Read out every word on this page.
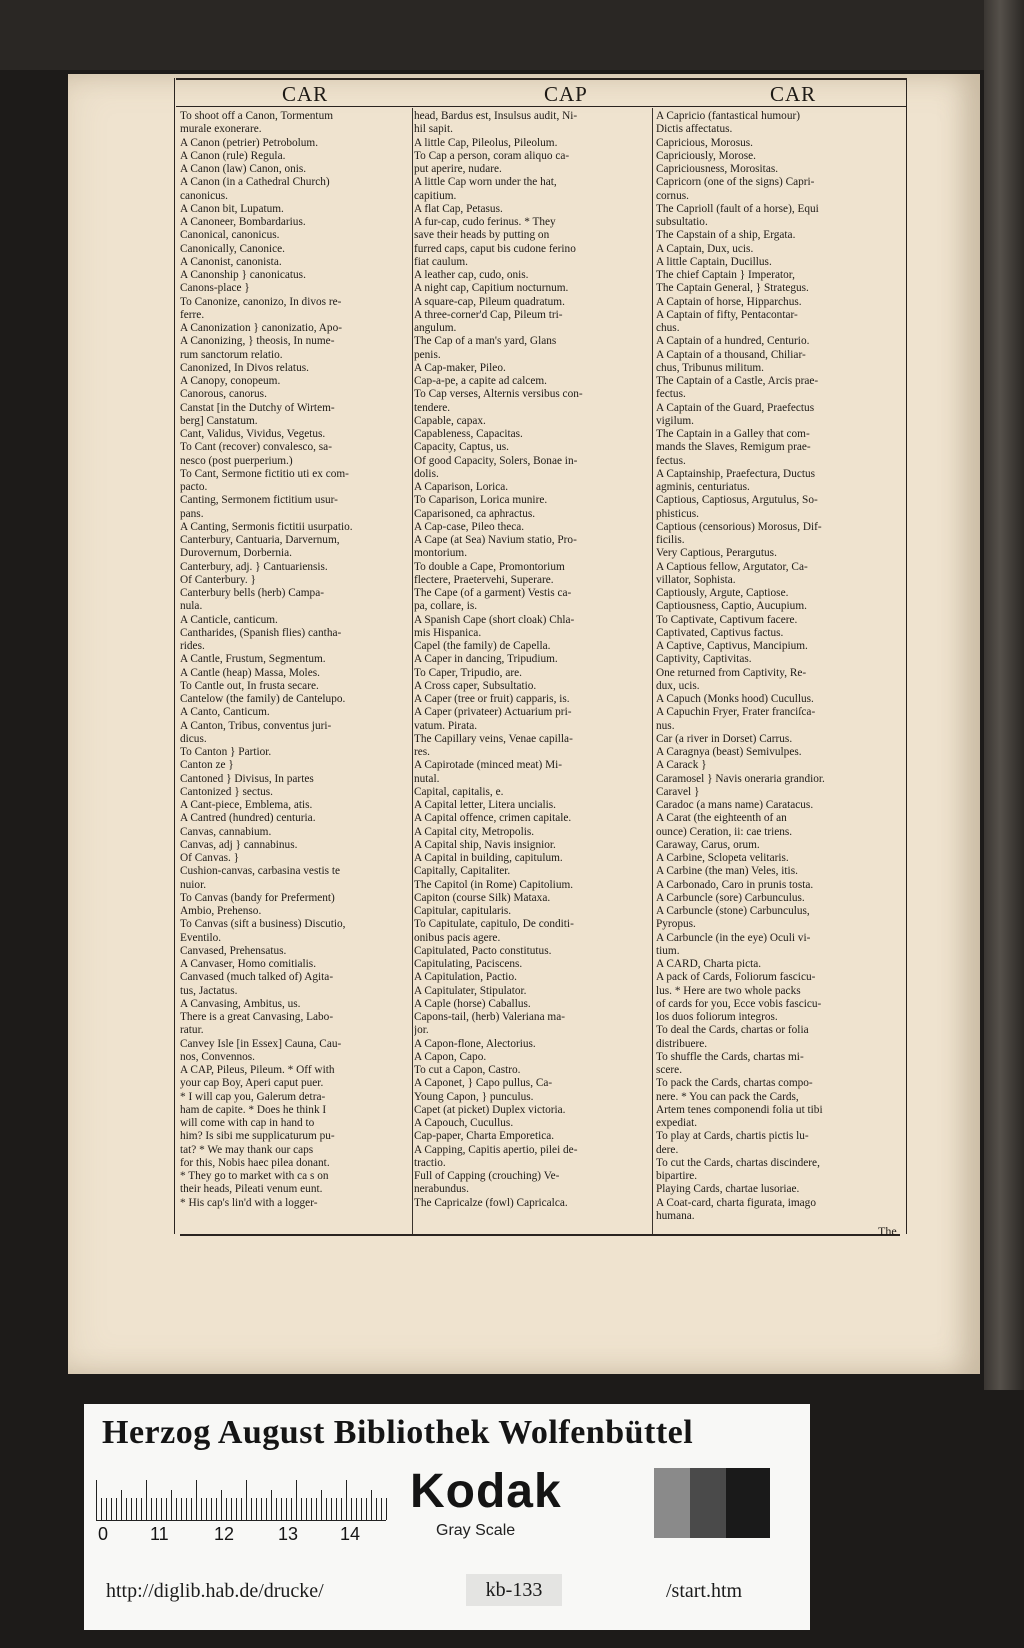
CAR	CAP	CAR

To shoot off a Canon, Tormentum

murale exonerare.

A Canon (petrier) Petrobolum.

A Canon (rule) Regula.

A Canon (law) Canon, onis.

A Canon (in a Cathedral Church)

canonicus.

A Canon bit, Lupatum.

A Canoneer, Bombardarius.

Canonical, canonicus.

Canonically, Canonice.

A Canonist, canonista.

A Canonship } canonicatus.

Canons-place }

To Canonize, canonizo, In divos re-

ferre.

A Canonization } canonizatio, Apo-

A Canonizing, } theosis, In nume-

rum sanctorum relatio.

Canonized, In Divos relatus.

A Canopy, conopeum.

Canorous, canorus.

Canstat [in the Dutchy of Wirtem-

berg] Canstatum.

Cant, Validus, Vividus, Vegetus.

To Cant (recover) convalesco, sa-

nesco (post puerperium.)

To Cant, Sermone fictitio uti ex com-

pacto.

Canting, Sermonem fictitium usur-

pans.

A Canting, Sermonis fictitii usurpatio.

Canterbury, Cantuaria, Darvernum,

Durovernum, Dorbernia.

Canterbury, adj. } Cantuariensis.

Of Canterbury. }

Canterbury bells (herb) Campa-

nula.

A Canticle, canticum.

Cantharides, (Spanish flies) cantha-

rides.

A Cantle, Frustum, Segmentum.

A Cantle (heap) Massa, Moles.

To Cantle out, In frusta secare.

Cantelow (the family) de Cantelupo.

A Canto, Canticum.

A Canton, Tribus, conventus juri-

dicus.

To Canton } Partior.

Canton ze }

Cantoned } Divisus, In partes

Cantonized } sectus.

A Cant-piece, Emblema, atis.

A Cantred (hundred) centuria.

Canvas, cannabium.

Canvas, adj } cannabinus.

Of Canvas. }

Cushion-canvas, carbasina vestis te

nuior.

To Canvas (bandy for Preferment)

Ambio, Prehenso.

To Canvas (sift a business) Discutio,

Eventilo.

Canvased, Prehensatus.

A Canvaser, Homo comitialis.

Canvased (much talked of) Agita-

tus, Jactatus.

A Canvasing, Ambitus, us.

There is a great Canvasing, Labo-

ratur.

Canvey Isle [in Essex] Cauna, Cau-

nos, Convennos.

A CAP, Pileus, Pileum. * Off with

your cap Boy, Aperi caput puer.

* I will cap you, Galerum detra-

ham de capite. * Does he think I

will come with cap in hand to

him? Is sibi me supplicaturum pu-

tat? * We may thank our caps

for this, Nobis haec pilea donant.

* They go to market with ca s on

their heads, Pileati venum eunt.

* His cap's lin'd with a logger-

head, Bardus est, Insulsus audit, Ni-

hil sapit.

A little Cap, Pileolus, Pileolum.

To Cap a person, coram aliquo ca-

put aperire, nudare.

A little Cap worn under the hat,

capitium.

A flat Cap, Petasus.

A fur-cap, cudo ferinus. * They

save their heads by putting on

furred caps, caput bis cudone ferino

fiat caulum.

A leather cap, cudo, onis.

A night cap, Capitium nocturnum.

A square-cap, Pileum quadratum.

A three-corner'd Cap, Pileum tri-

angulum.

The Cap of a man's yard, Glans

penis.

A Cap-maker, Pileo.

Cap-a-pe, a capite ad calcem.

To Cap verses, Alternis versibus con-

tendere.

Capable, capax.

Capableness, Capacitas.

Capacity, Captus, us.

Of good Capacity, Solers, Bonae in-

dolis.

A Caparison, Lorica.

To Caparison, Lorica munire.

Caparisoned, ca aphractus.

A Cap-case, Pileo theca.

A Cape (at Sea) Navium statio, Pro-

montorium.

To double a Cape, Promontorium

flectere, Praetervehi, Superare.

The Cape (of a garment) Vestis ca-

pa, collare, is.

A Spanish Cape (short cloak) Chla-

mis Hispanica.

Capel (the family) de Capella.

A Caper in dancing, Tripudium.

To Caper, Tripudio, are.

A Cross caper, Subsultatio.

A Caper (tree or fruit) capparis, is.

A Caper (privateer) Actuarium pri-

vatum. Pirata.

The Capillary veins, Venae capilla-

res.

A Capirotade (minced meat) Mi-

nutal.

Capital, capitalis, e.

A Capital letter, Litera uncialis.

A Capital offence, crimen capitale.

A Capital city, Metropolis.

A Capital ship, Navis insignior.

A Capital in building, capitulum.

Capitally, Capitaliter.

The Capitol (in Rome) Capitolium.

Capiton (course Silk) Mataxa.

Capitular, capitularis.

To Capitulate, capitulo, De conditi-

onibus pacis agere.

Capitulated, Pacto constitutus.

Capitulating, Paciscens.

A Capitulation, Pactio.

A Capitulater, Stipulator.

A Caple (horse) Caballus.

Capons-tail, (herb) Valeriana ma-

jor.

A Capon-flone, Alectorius.

A Capon, Capo.

To cut a Capon, Castro.

A Caponet, } Capo pullus, Ca-

Young Capon, } punculus.

Capet (at picket) Duplex victoria.

A Capouch, Cucullus.

Cap-paper, Charta Emporetica.

A Capping, Capitis apertio, pilei de-

tractio.

Full of Capping (crouching) Ve-

nerabundus.

The Capricalze (fowl) Capricalca.

A Capricio (fantastical humour)

Dictis affectatus.

Capricious, Morosus.

Capriciously, Morose.

Capriciousness, Morositas.

Capricorn (one of the signs) Capri-

cornus.

The Caprioll (fault of a horse), Equi

subsultatio.

The Capstain of a ship, Ergata.

A Captain, Dux, ucis.

A little Captain, Ducillus.

The chief Captain } Imperator,

The Captain General, } Strategus.

A Captain of horse, Hipparchus.

A Captain of fifty, Pentacontar-

chus.

A Captain of a hundred, Centurio.

A Captain of a thousand, Chiliar-

chus, Tribunus militum.

The Captain of a Castle, Arcis prae-

fectus.

A Captain of the Guard, Praefectus

vigilum.

The Captain in a Galley that com-

mands the Slaves, Remigum prae-

fectus.

A Captainship, Praefectura, Ductus

agminis, centuriatus.

Captious, Captiosus, Argutulus, So-

phisticus.

Captious (censorious) Morosus, Dif-

ficilis.

Very Captious, Perargutus.

A Captious fellow, Argutator, Ca-

villator, Sophista.

Captiously, Argute, Captiose.

Captiousness, Captio, Aucupium.

To Captivate, Captivum facere.

Captivated, Captivus factus.

A Captive, Captivus, Mancipium.

Captivity, Captivitas.

One returned from Captivity, Re-

dux, ucis.

A Capuch (Monks hood) Cucullus.

A Capuchin Fryer, Frater franciſca-

nus.

Car (a river in Dorset) Carrus.

A Caragnya (beast) Semivulpes.

A Carack }

Caramosel } Navis oneraria grandior.

Caravel }

Caradoc (a mans name) Caratacus.

A Carat (the eighteenth of an

ounce) Ceration, ii: cae triens.

Caraway, Carus, orum.

A Carbine, Sclopeta velitaris.

A Carbine (the man) Veles, itis.

A Carbonado, Caro in prunis tosta.

A Carbuncle (sore) Carbunculus.

A Carbuncle (stone) Carbunculus,

Pyropus.

A Carbuncle (in the eye) Oculi vi-

tium.

A CARD, Charta picta.

A pack of Cards, Foliorum fascicu-

lus. * Here are two whole packs

of cards for you, Ecce vobis fascicu-

los duos foliorum integros.

To deal the Cards, chartas or folia

distribuere.

To shuffle the Cards, chartas mi-

scere.

To pack the Cards, chartas compo-

nere. * You can pack the Cards,

Artem tenes componendi folia ut tibi

expediat.

To play at Cards, chartis pictis lu-

dere.

To cut the Cards, chartas discindere,

bipartire.

Playing Cards, chartae lusoriae.

A Coat-card, charta figurata, imago

humana.

The
Herzog August Bibliothek Wolfenbüttel
0 11	12 13 14
Kodak
Gray Scale
http://diglib.hab.de/drucke/	kb-133	/start.htm
